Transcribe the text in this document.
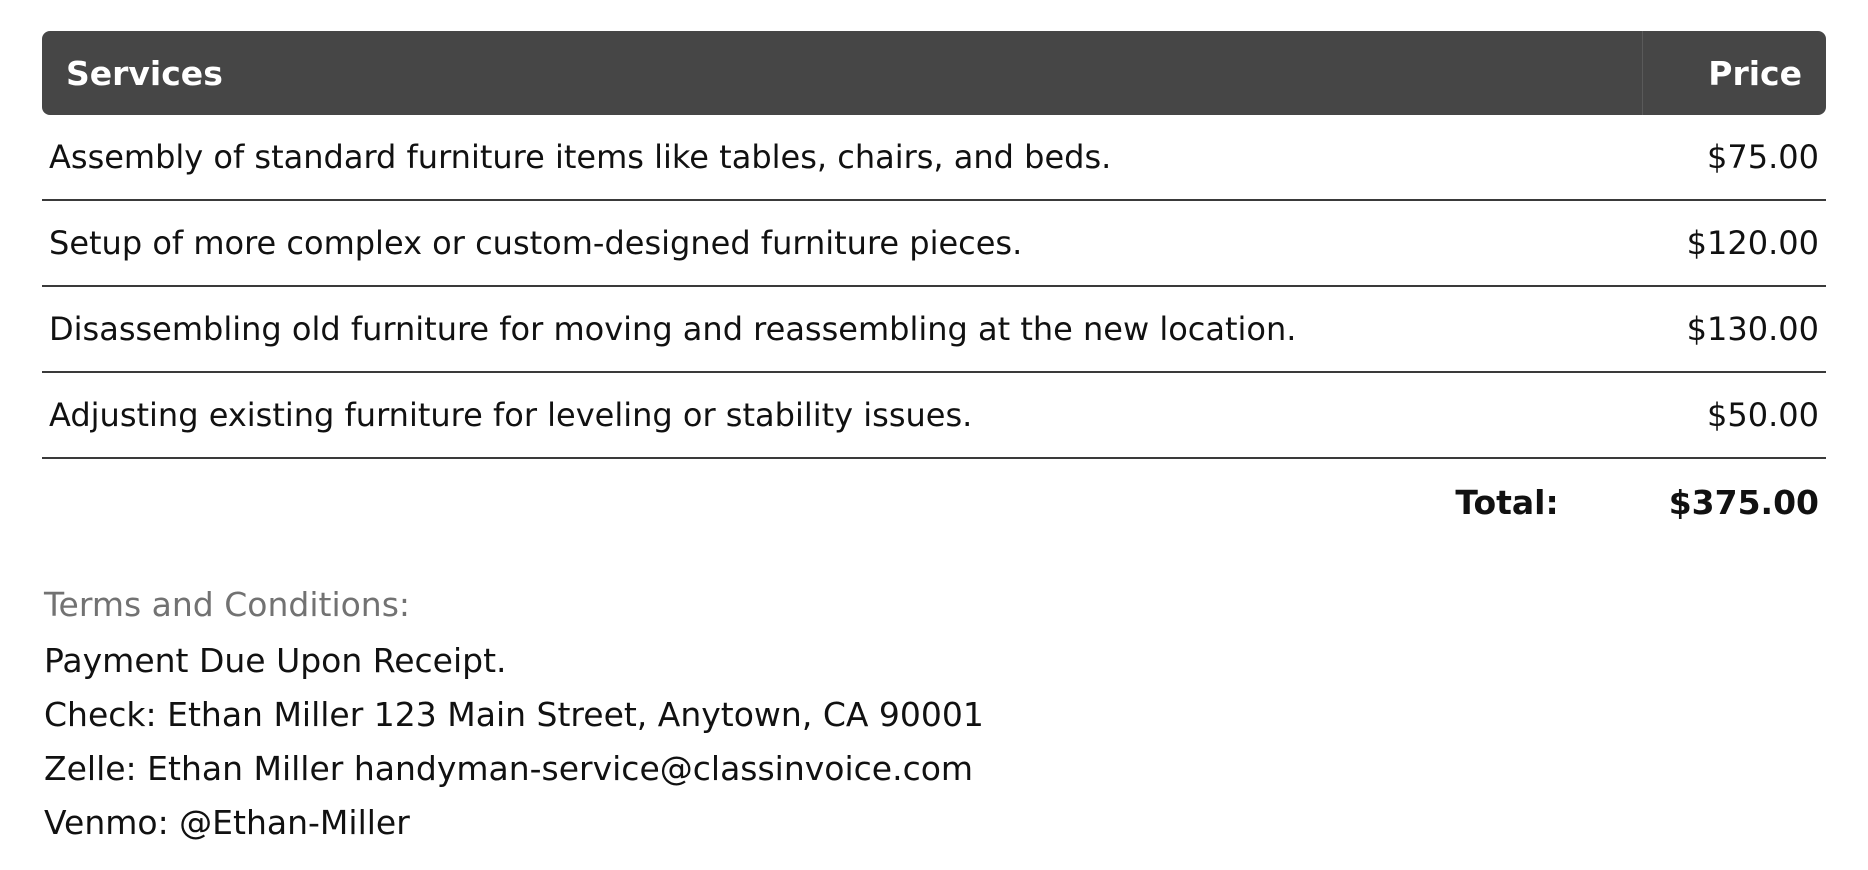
Services	Price
Assembly of standard furniture items like tables, chairs, and beds.	$75.00
Setup of more complex or custom-designed furniture pieces.	$120.00
Disassembling old furniture for moving and reassembling at the new location.	$130.00
Adjusting existing furniture for leveling or stability issues.	$50.00
Total:	$375.00
Terms and Conditions:
Payment Due Upon Receipt.
Check: Ethan Miller 123 Main Street, Anytown, CA 90001
Zelle: Ethan Miller handyman-service@classinvoice.com
Venmo: @Ethan-Miller
